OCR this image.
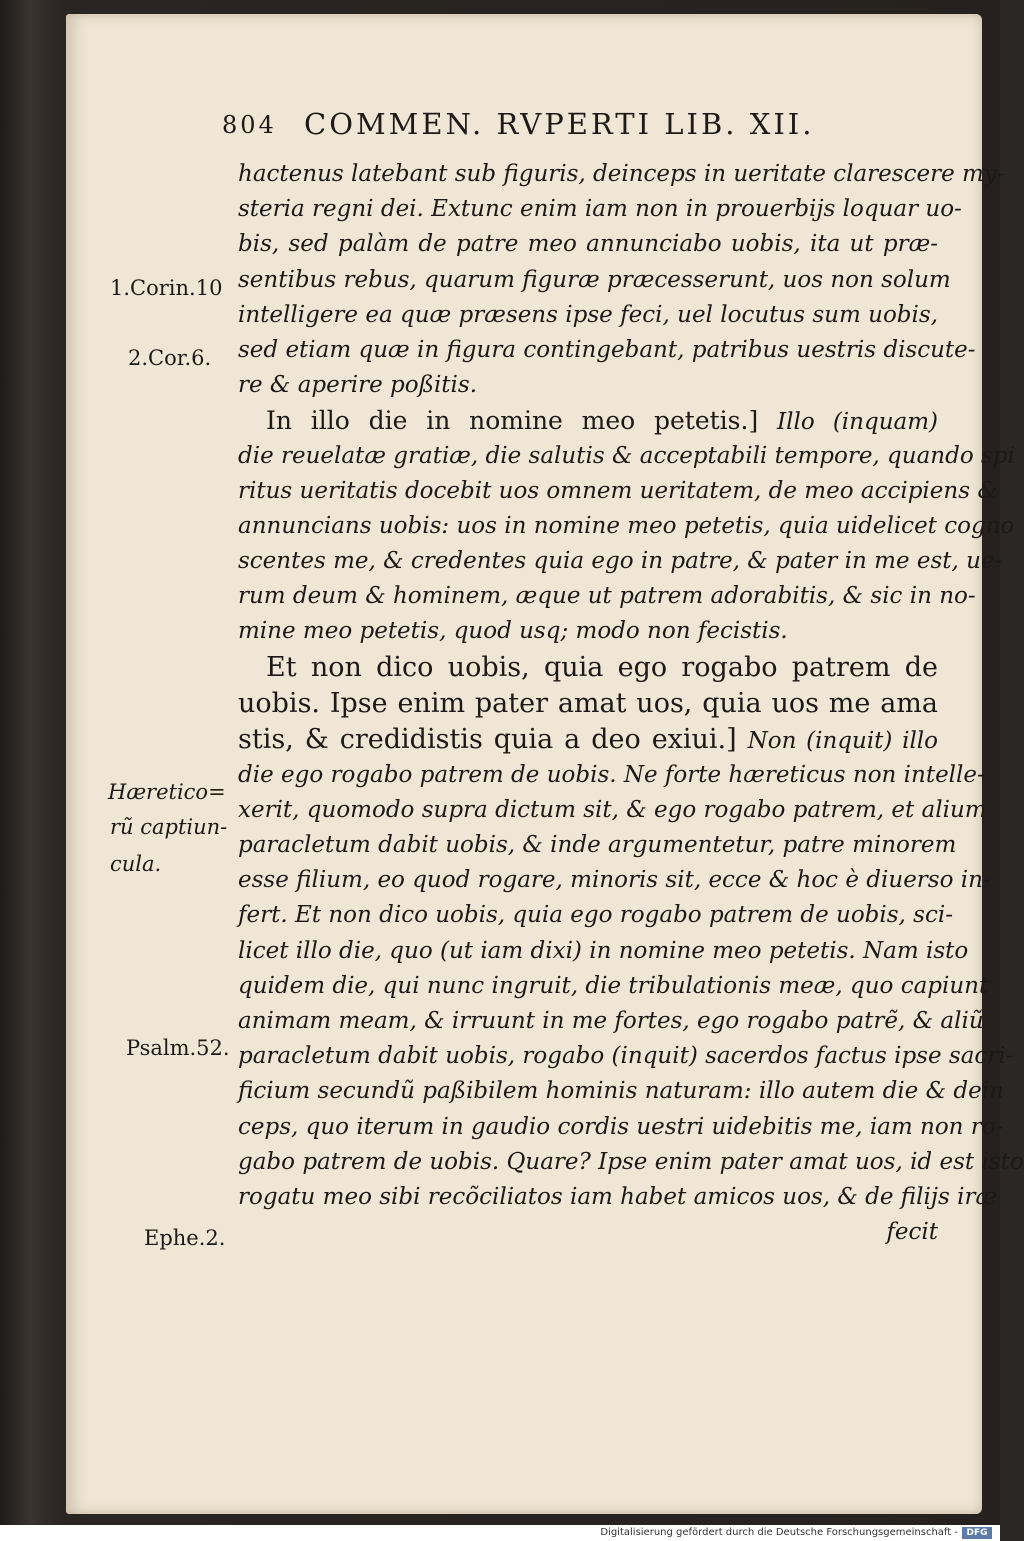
804 COMMEN. RVPERTI LIB. XII.
hactenus latebant sub figuris, deinceps in ueritate clarescere my-
steria regni dei. Extunc enim iam non in prouerbijs loquar uo-
bis, sed palàm de patre meo annunciabo uobis, ita ut præ-
sentibus rebus, quarum figuræ præcesserunt, uos non solum
intelligere ea quæ præsens ipse feci, uel locutus sum uobis,
sed etiam quæ in figura contingebant, patribus uestris discute-
re & aperire poßitis.
In illo die in nomine meo petetis.] Illo (inquam)
die reuelatæ gratiæ, die salutis & acceptabili tempore, quando spi
ritus ueritatis docebit uos omnem ueritatem, de meo accipiens &
annuncians uobis: uos in nomine meo petetis, quia uidelicet cogno
scentes me, & credentes quia ego in patre, & pater in me est, ue-
rum deum & hominem, æque ut patrem adorabitis, & sic in no-
mine meo petetis, quod usq; modo non fecistis.
Et non dico uobis, quia ego rogabo patrem de
uobis. Ipse enim pater amat uos, quia uos me ama
stis, & credidistis quia a deo exiui.] Non (inquit) illo
die ego rogabo patrem de uobis. Ne forte hæreticus non intelle-
xerit, quomodo supra dictum sit, & ego rogabo patrem, et alium
paracletum dabit uobis, & inde argumentetur, patre minorem
esse filium, eo quod rogare, minoris sit, ecce & hoc è diuerso in-
fert. Et non dico uobis, quia ego rogabo patrem de uobis, sci-
licet illo die, quo (ut iam dixi) in nomine meo petetis. Nam isto
quidem die, qui nunc ingruit, die tribulationis meæ, quo capiunt
animam meam, & irruunt in me fortes, ego rogabo patrẽ, & aliũ
paracletum dabit uobis, rogabo (inquit) sacerdos factus ipse sacri-
ficium secundũ paßibilem hominis naturam: illo autem die & dein
ceps, quo iterum in gaudio cordis uestri uidebitis me, iam non ro-
gabo patrem de uobis. Quare? Ipse enim pater amat uos, id est isto
rogatu meo sibi recõciliatos iam habet amicos uos, & de filijs iræ
fecit
1.Corin.10
2.Cor.6.
Hæretico=
rũ captiun-
cula.
Psalm.52.
Ephe.2.
Digitalisierung gefördert durch die Deutsche Forschungsgemeinschaft - DFG
